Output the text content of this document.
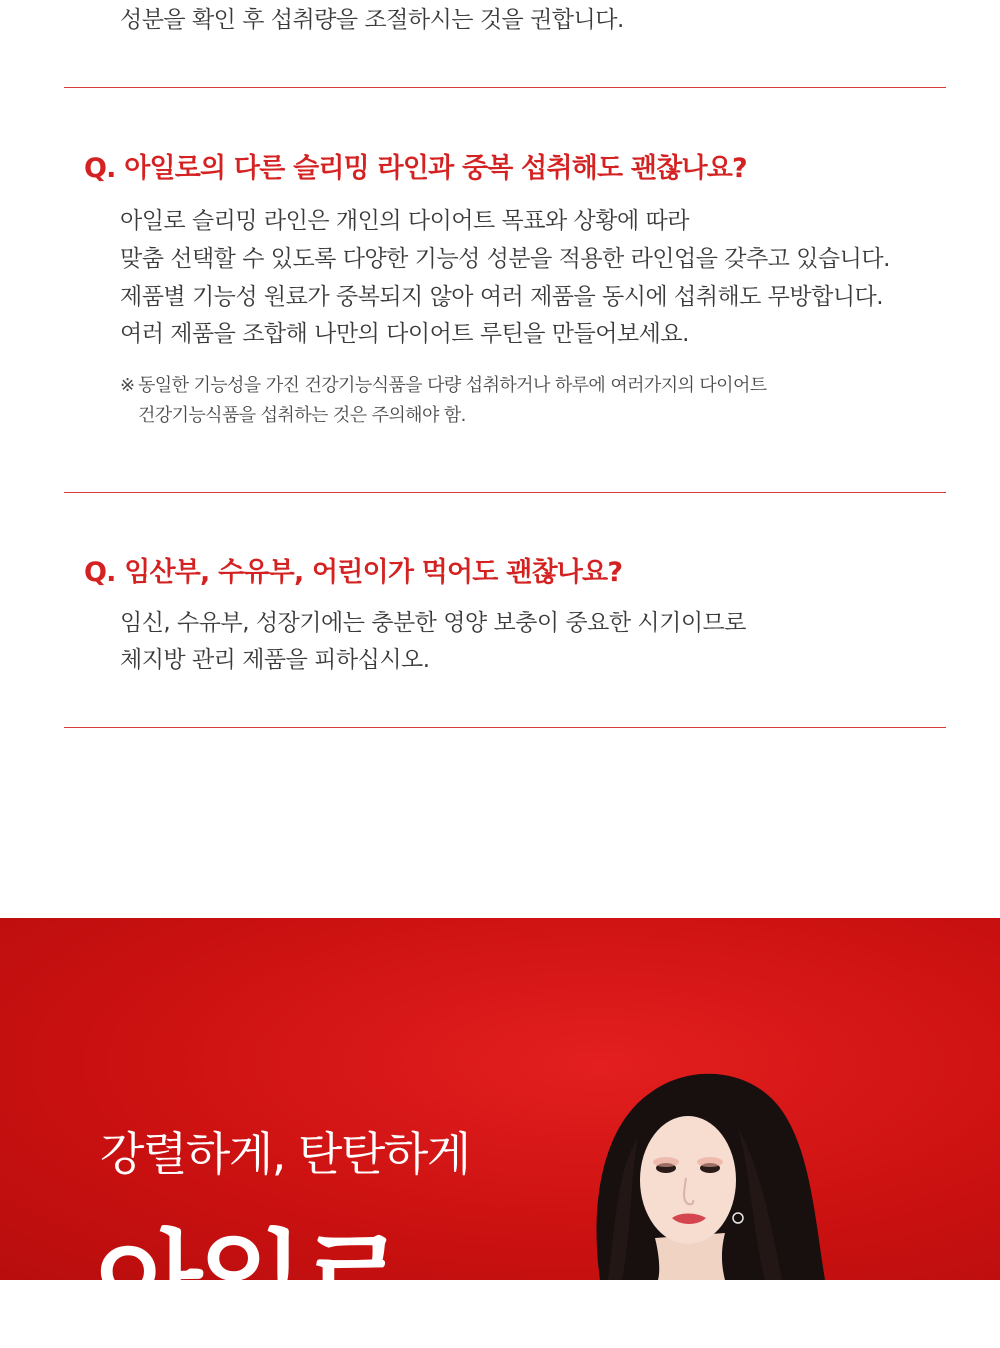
성분을 확인 후 섭취량을 조절하시는 것을 권합니다.

Q. 아일로의 다른 슬리밍 라인과 중복 섭취해도 괜찮나요?

아일로 슬리밍 라인은 개인의 다이어트 목표와 상황에 따라

맞춤 선택할 수 있도록 다양한 기능성 성분을 적용한 라인업을 갖추고 있습니다.

제품별 기능성 원료가 중복되지 않아 여러 제품을 동시에 섭취해도 무방합니다.

여러 제품을 조합해 나만의 다이어트 루틴을 만들어보세요.

※ 동일한 기능성을 가진 건강기능식품을 다량 섭취하거나 하루에 여러가지의 다이어트

건강기능식품을 섭취하는 것은 주의해야 함.

Q. 임산부, 수유부, 어린이가 먹어도 괜찮나요?

임신, 수유부, 성장기에는 충분한 영양 보충이 중요한 시기이므로

체지방 관리 제품을 피하십시오.

강렬하게, 탄탄하게

아일로
